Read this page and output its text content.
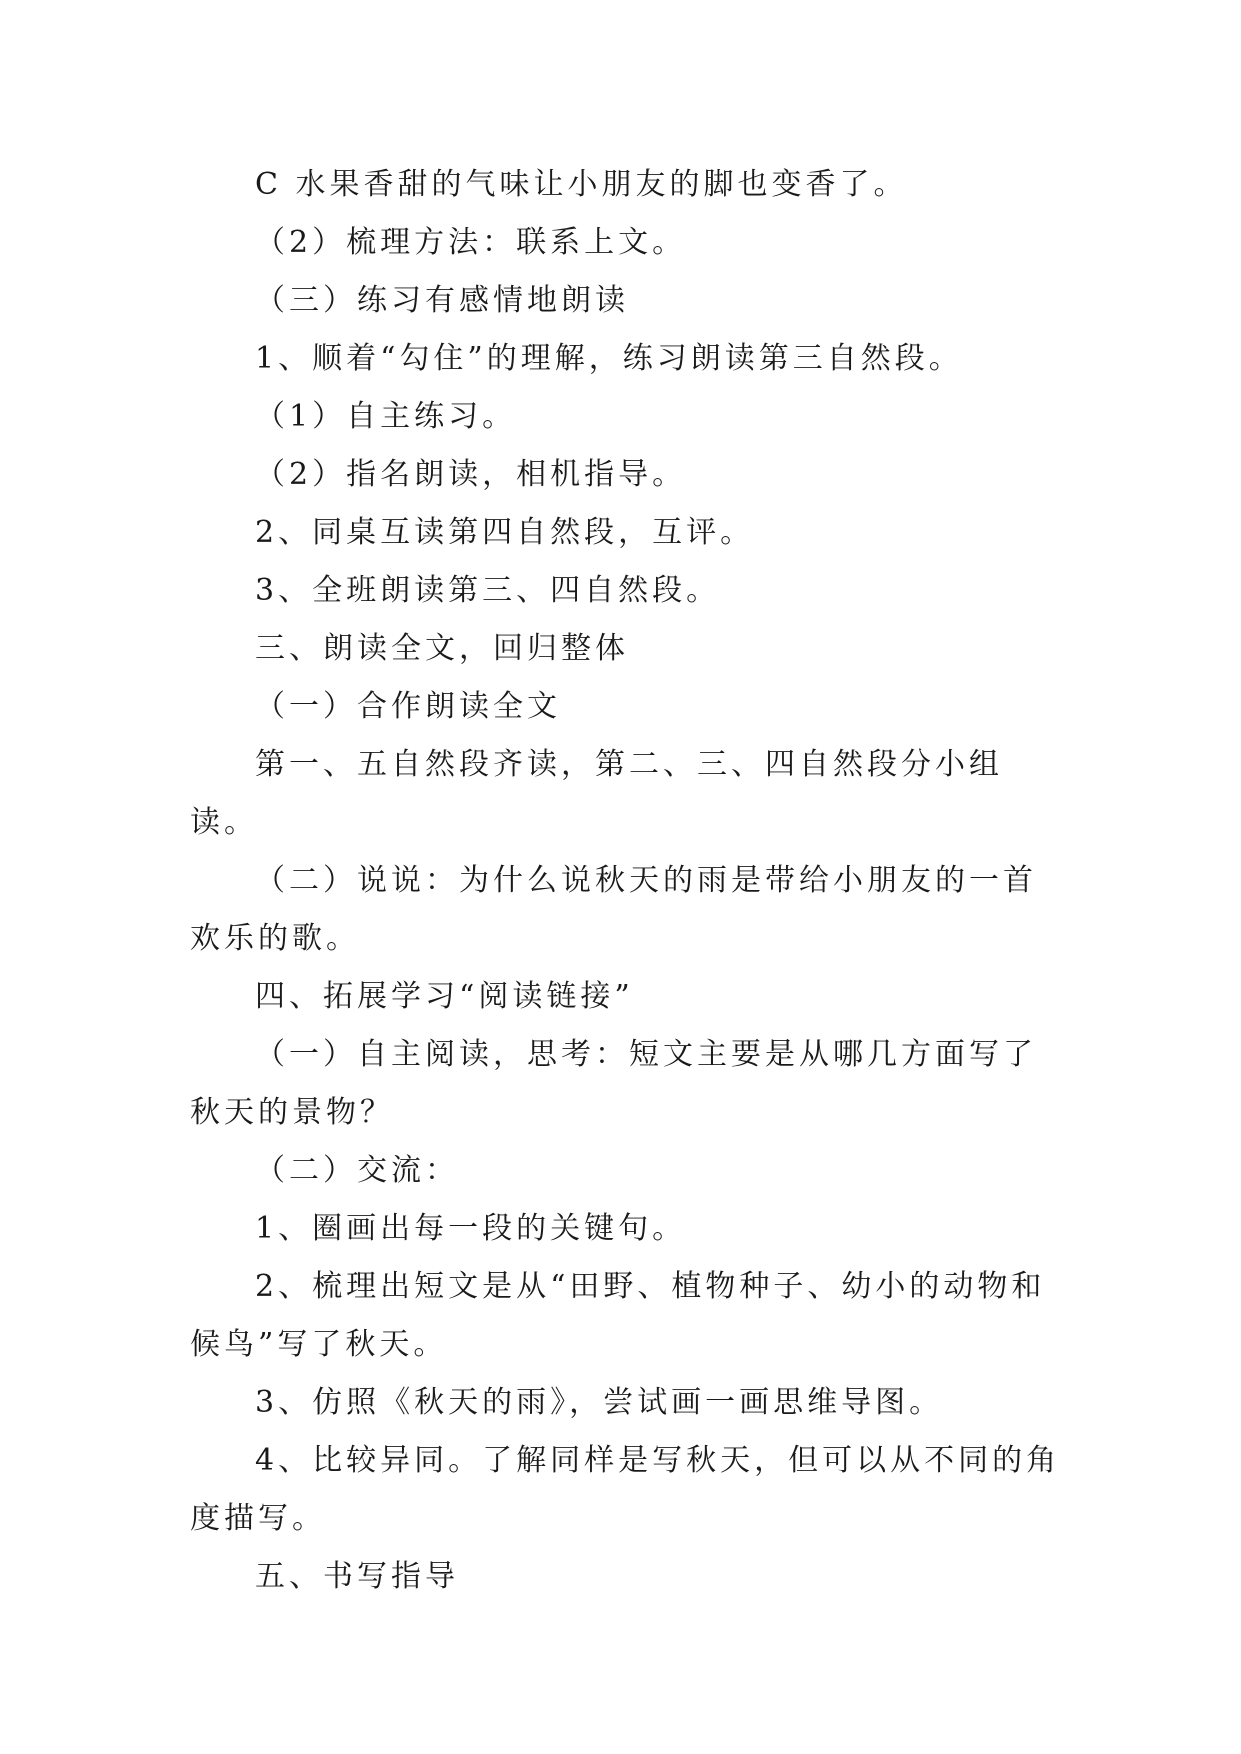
C 水果香甜的气味让小朋友的脚也变香了。

（2）梳理方法：联系上文。

（三）练习有感情地朗读

1、顺着“勾住”的理解，练习朗读第三自然段。

（1）自主练习。

（2）指名朗读，相机指导。

2、同桌互读第四自然段，互评。

3、全班朗读第三、四自然段。

三、朗读全文，回归整体

（一）合作朗读全文

第一、五自然段齐读，第二、三、四自然段分小组读。

（二）说说：为什么说秋天的雨是带给小朋友的一首欢乐的歌。

四、拓展学习“阅读链接”

（一）自主阅读，思考：短文主要是从哪几方面写了秋天的景物？

（二）交流：

1、圈画出每一段的关键句。

2、梳理出短文是从“田野、植物种子、幼小的动物和候鸟”写了秋天。

3、仿照《秋天的雨》，尝试画一画思维导图。

4、比较异同。了解同样是写秋天，但可以从不同的角度描写。

五、书写指导
